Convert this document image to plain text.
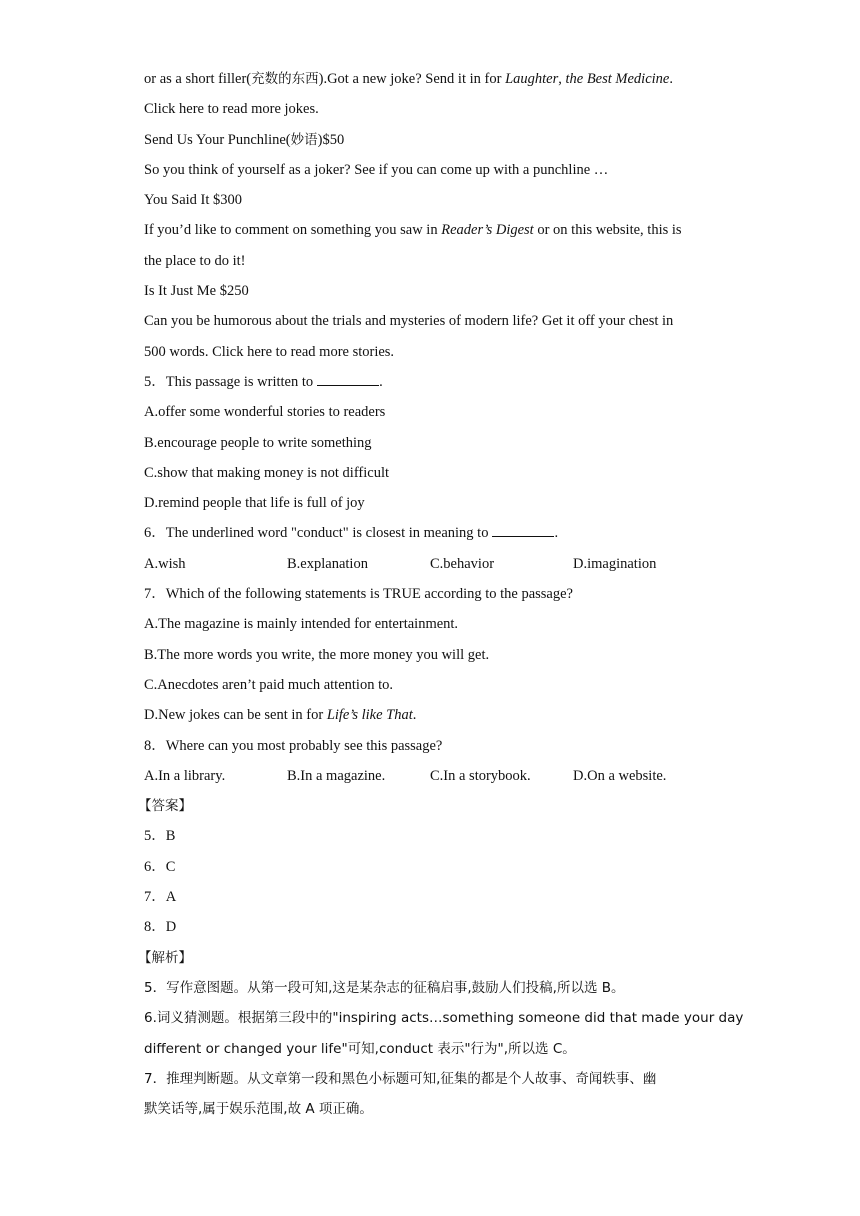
or as a short filler(充数的东西).Got a new joke? Send it in for Laughter, the Best Medicine.
Click here to read more jokes.
Send Us Your Punchline(妙语)$50
So you think of yourself as a joker? See if you can come up with a punchline …
You Said It $300
If you’d like to comment on something you saw in Reader’s Digest or on this website, this is
the place to do it!
Is It Just Me $250
Can you be humorous about the trials and mysteries of modern life? Get it off your chest in
500 words. Click here to read more stories.
5．This passage is written to	.
A.offer some wonderful stories to readers
B.encourage people to write something
C.show that making money is not difficult
D.remind people that life is full of joy
6．The underlined word "conduct" is closest in meaning to	.
A.wish	B.explanation	C.behavior	D.imagination
7．Which of the following statements is TRUE according to the passage?
A.The magazine is mainly intended for entertainment.
B.The more words you write, the more money you will get.
C.Anecdotes aren’t paid much attention to.
D.New jokes can be sent in for Life’s like That.
8．Where can you most probably see this passage?
A.In a library.	B.In a magazine.	C.In a storybook.	D.On a website.
【答案】
5．B
6．C
7．A
8．D
【解析】
5．写作意图题。从第一段可知,这是某杂志的征稿启事,鼓励人们投稿,所以选 B。
6.词义猜测题。根据第三段中的"inspiring acts…something someone did that made your day
different or changed your life"可知,conduct 表示"行为",所以选 C。
7．推理判断题。从文章第一段和黑色小标题可知,征集的都是个人故事、奇闻轶事、幽
默笑话等,属于娱乐范围,故 A 项正确。
